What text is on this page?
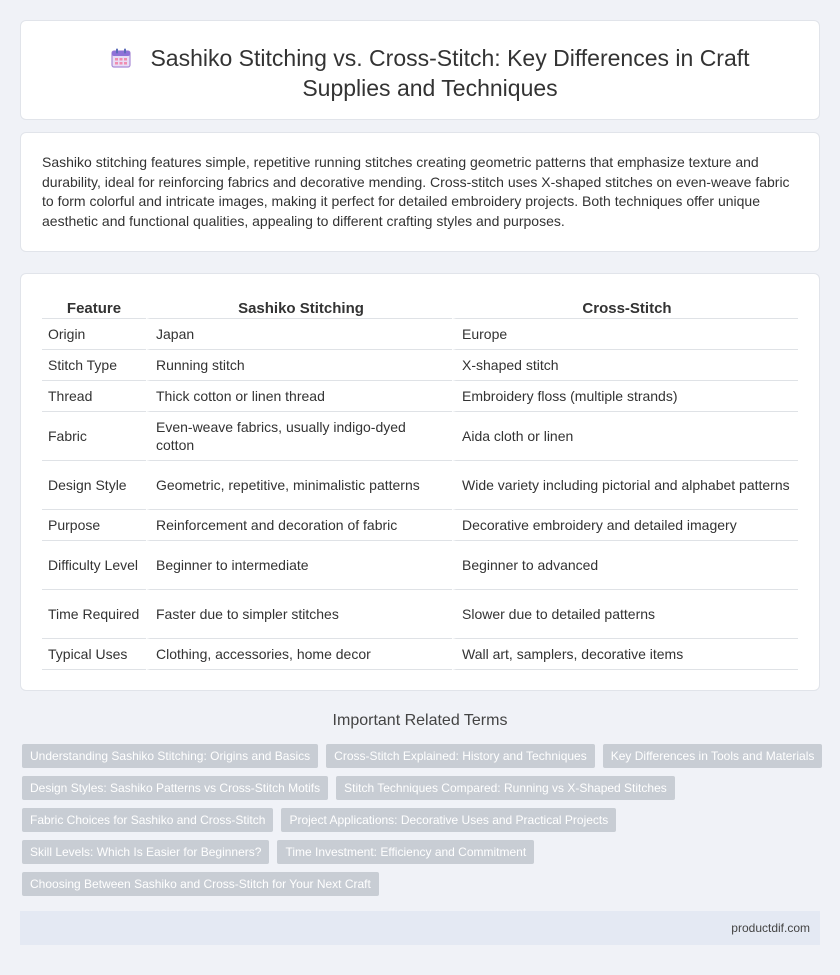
Sashiko Stitching vs. Cross-Stitch: Key Differences in Craft Supplies and Techniques

Sashiko stitching features simple, repetitive running stitches creating geometric patterns that emphasize texture and durability, ideal for reinforcing fabrics and decorative mending. Cross-stitch uses X-shaped stitches on even-weave fabric to form colorful and intricate images, making it perfect for detailed embroidery projects. Both techniques offer unique aesthetic and functional qualities, appealing to different crafting styles and purposes.

Feature	Sashiko Stitching	Cross-Stitch
Origin	Japan	Europe
Stitch Type	Running stitch	X-shaped stitch
Thread	Thick cotton or linen thread	Embroidery floss (multiple strands)
Fabric	Even-weave fabrics, usually indigo-dyed cotton	Aida cloth or linen
Design Style	Geometric, repetitive, minimalistic patterns	Wide variety including pictorial and alphabet patterns
Purpose	Reinforcement and decoration of fabric	Decorative embroidery and detailed imagery
Difficulty Level	Beginner to intermediate	Beginner to advanced
Time Required	Faster due to simpler stitches	Slower due to detailed patterns
Typical Uses	Clothing, accessories, home decor	Wall art, samplers, decorative items
Important Related Terms
Understanding Sashiko Stitching: Origins and Basics	Cross-Stitch Explained: History and Techniques	Key Differences in Tools and Materials
Design Styles: Sashiko Patterns vs Cross-Stitch Motifs	Stitch Techniques Compared: Running vs X-Shaped Stitches
Fabric Choices for Sashiko and Cross-Stitch	Project Applications: Decorative Uses and Practical Projects
Skill Levels: Which Is Easier for Beginners?	Time Investment: Efficiency and Commitment
Choosing Between Sashiko and Cross-Stitch for Your Next Craft
productdif.com
